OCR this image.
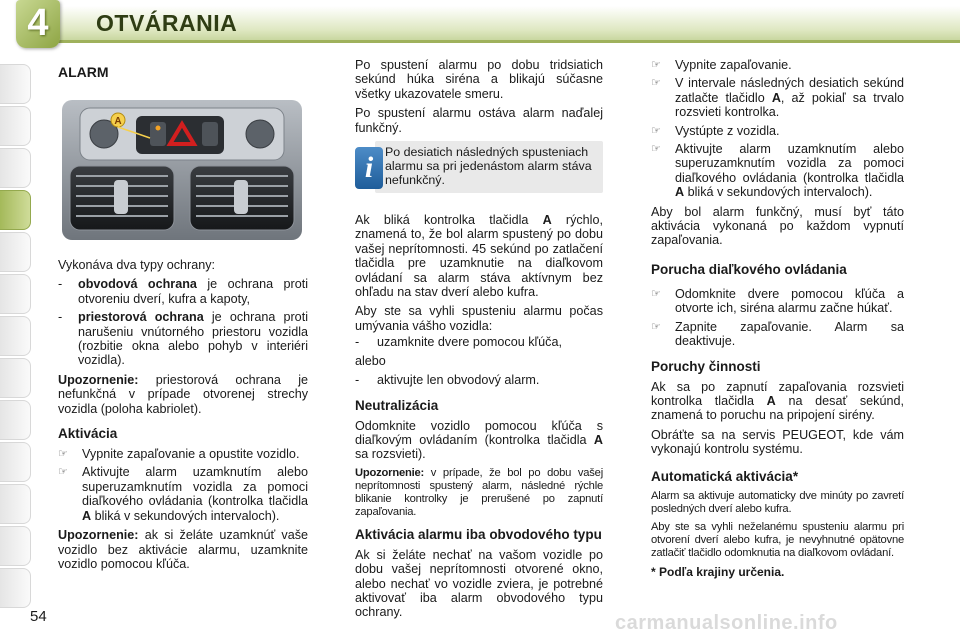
4	OTVÁRANIA
ALARM
A

Vykonáva dva typy ochrany:

-	obvodová ochrana je ochrana proti otvoreniu dverí, kufra a kapoty,
-	priestorová ochrana je ochrana proti narušeniu vnútorného priestoru vozidla (rozbitie okna alebo pohyb v interiéri vozidla).

Upozornenie: priestorová ochrana je nefunkčná v prípade otvorenej strechy vozidla (poloha kabriolet).

Aktivácia
☞	Vypnite zapaľovanie a opustite vozidlo.
☞	Aktivujte alarm uzamknutím alebo superuzamknutím vozidla za pomoci diaľkového ovládania (kontrolka tlačidla A bliká v sekundových intervaloch).

Upozornenie: ak si želáte uzamknúť vaše vozidlo bez aktivácie alarmu, uzamknite vozidlo pomocou kľúča.

Po spustení alarmu po dobu tridsiatich sekúnd húka siréna a blikajú súčasne všetky ukazovatele smeru.

Po spustení alarmu ostáva alarm naďalej funkčný.

i Po desiatich následných spusteniach alarmu sa pri jedenástom alarm stáva nefunkčný.

Ak bliká kontrolka tlačidla A rýchlo, znamená to, že bol alarm spustený po dobu vašej neprítomnosti. 45 sekúnd po zatlačení tlačidla pre uzamknutie na diaľkovom ovládaní sa alarm stáva aktívnym bez ohľadu na stav dverí alebo kufra.

Aby ste sa vyhli spusteniu alarmu počas umývania vášho vozidla:

-	uzamknite dvere pomocou kľúča,

alebo

-	aktivujte len obvodový alarm.
Neutralizácia

Odomknite vozidlo pomocou kľúča s diaľkovým ovládaním (kontrolka tlačidla A sa rozsvieti).

Upozornenie: v prípade, že bol po dobu vašej neprítomnosti spustený alarm, následné rýchle blikanie kontrolky je prerušené po zapnutí zapaľovania.

Aktivácia alarmu iba obvodového typu

Ak si želáte nechať na vašom vozidle po dobu vašej neprítomnosti otvorené okno, alebo nechať vo vozidle zviera, je potrebné aktivovať iba alarm obvodového typu ochrany.

☞	Vypnite zapaľovanie.
☞	V intervale následných desiatich sekúnd zatlačte tlačidlo A, až pokiaľ sa trvalo rozsvieti kontrolka.
☞	Vystúpte z vozidla.
☞	Aktivujte alarm uzamknutím alebo superuzamknutím vozidla za pomoci diaľkového ovládania (kontrolka tlačidla A bliká v sekundových intervaloch).

Aby bol alarm funkčný, musí byť táto aktivácia vykonaná po každom vypnutí zapaľovania.

Porucha diaľkového ovládania
☞	Odomknite dvere pomocou kľúča a otvorte ich, siréna alarmu začne húkať.
☞	Zapnite zapaľovanie. Alarm sa deaktivuje.
Poruchy činnosti

Ak sa po zapnutí zapaľovania rozsvieti kontrolka tlačidla A na desať sekúnd, znamená to poruchu na pripojení sirény.

Obráťte sa na servis PEUGEOT, kde vám vykonajú kontrolu systému.

Automatická aktivácia*

Alarm sa aktivuje automaticky dve minúty po zavretí posledných dverí alebo kufra.

Aby ste sa vyhli neželanému spusteniu alarmu pri otvorení dverí alebo kufra, je nevyhnutné opätovne zatlačiť tlačidlo odomknutia na diaľkovom ovládaní.

* Podľa krajiny určenia.

54	carmanualsonline.info
